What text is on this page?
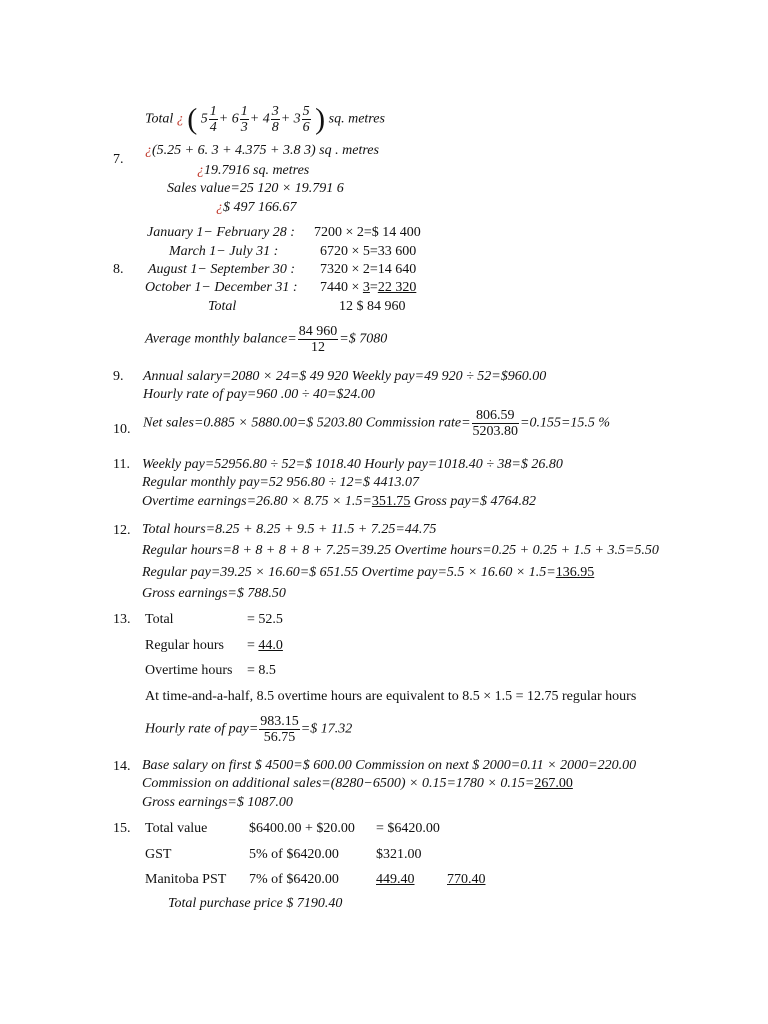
Total ¿ ( $5 \frac{1}{4} + 6 \frac{1}{3} + 4 \frac{3}{8} + 3 \frac{5}{6}$ ) sq. metres
7.
¿(5.25 + 6. 3 + 4.375 + 3.8 3) sq . metres
¿19.7916 sq. metres
Sales value=25 120 × 19.791 6
¿$ 497 166.67
8.
January 1− February 28 : 7200 × 2=$ 14 400
March 1− July 31 :	6720 × 5=33 600
August 1− September 30 : 7320 × 2=14 640
October 1− December 31 : 7440 × 3=22 320
Total	12 $ 84 960
Average monthly balance= $\frac{84 960}{12}$ =$ 7080
9. Annual salary=2080 × 24=$ 49 920 Weekly pay=49 920 ÷ 52=$960.00
Hourly rate of pay=960 .00 ÷ 40=$24.00
10. Net sales=0.885 × 5880.00=$ 5203.80 Commission rate= $\frac{806.59}{5203.80} =0.155=15.5$ %
11. Weekly pay=52956.80 ÷ 52=$ 1018.40 Hourly pay=1018.40 ÷ 38=$ 26.80
Regular monthly pay=52 956.80 ÷ 12=$ 4413.07
Overtime earnings=26.80 × 8.75 × 1.5=351.75 Gross pay=$ 4764.82
12. Total hours=8.25 + 8.25 + 9.5 + 11.5 + 7.25=44.75
Regular hours=8 + 8 + 8 + 8 + 7.25=39.25 Overtime hours=0.25 + 0.25 + 1.5 + 3.5=5.50
Regular pay=39.25 × 16.60=$ 651.55 Overtime pay=5.5 × 16.60 × 1.5=136.95
Gross earnings=$ 788.50
13. Total	= 52.5
Regular hours = 44.0
Overtime hours = 8.5
At time-and-a-half, 8.5 overtime hours are equivalent to 8.5 × 1.5 = 12.75 regular hours
Hourly rate of $pay= \frac{983.15}{56.75}$ =$ 17.32
14. Base salary on first $ 4500=$ 600.00 Commission on next $ 2000=0.11 × 2000=220.00
Commission on additional sales=(8280−6500) × 0.15=1780 × 0.15=267.00
Gross earnings=$ 1087.00
15. Total value	$6400.00 + $20.00 = $6420.00
GST	5% of $6420.00	$321.00
Manitoba PST 7% of $6420.00	449.40 770.40
Total purchase price $ 7190.40
